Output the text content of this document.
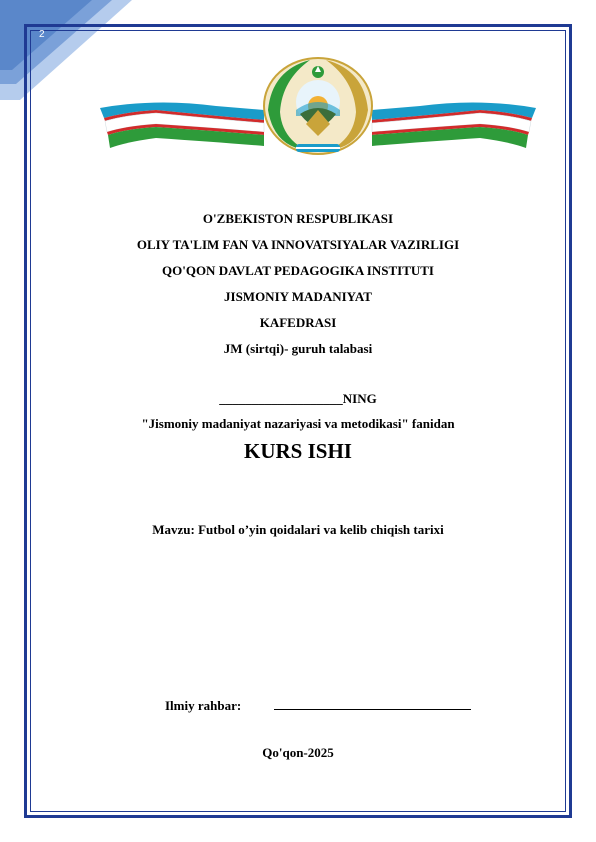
2
O'ZBEKISTON RESPUBLIKASI
OLIY TA'LIM FAN VA INNOVATSIYALAR VAZIRLIGI
QO'QON DAVLAT PEDAGOGIKA INSTITUTI
JISMONIY MADANIYAT
KAFEDRASI
JM (sirtqi)- guruh talabasi
___________________NING
"Jismoniy madaniyat nazariyasi va metodikasi" fanidan
KURS ISHI
Mavzu: Futbol o’yin qoidalari va kelib chiqish tarixi
Ilmiy rahbar:
Qo'qon-2025
